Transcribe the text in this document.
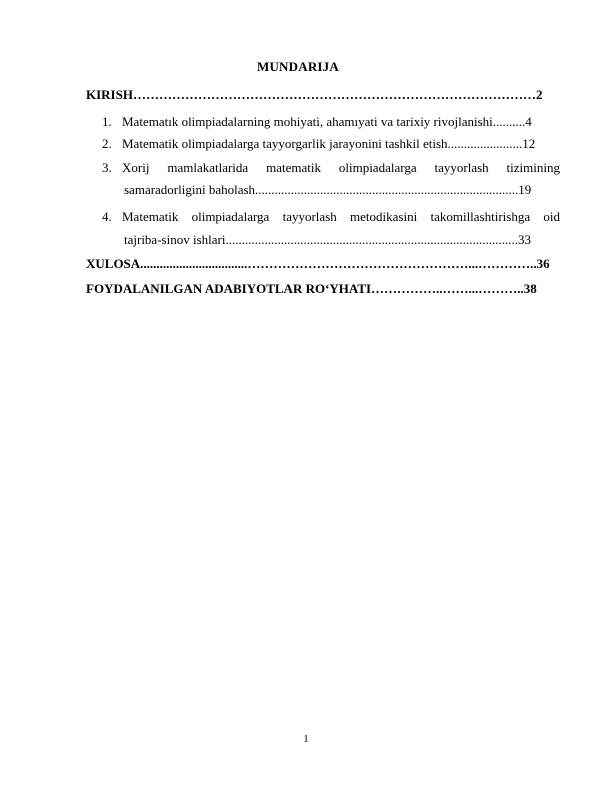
MUNDARIJA
KIRISH…………………………………………………………………………………2
1. Matematık olimpiadalarning mohiyati, ahamıyati va tarixiy rivojlanishi..........4
2. Matematik olimpiadalarga tayyorgarlik jarayonini tashkil etish.......................12
3. Xorij mamlakatlarida matematik olimpiadalarga tayyorlash tizimining
samaradorligini baholash.................................................................................19
4. Matematik olimpiadalarga tayyorlash metodikasini takomillashtirishga oid
tajriba-sinov ishlari..........................................................................................33
XULOSA.................................……………………………………………...…………..36
FOYDALANILGAN ADABIYOTLAR RO‘YHATI……………..……...………..38
1
